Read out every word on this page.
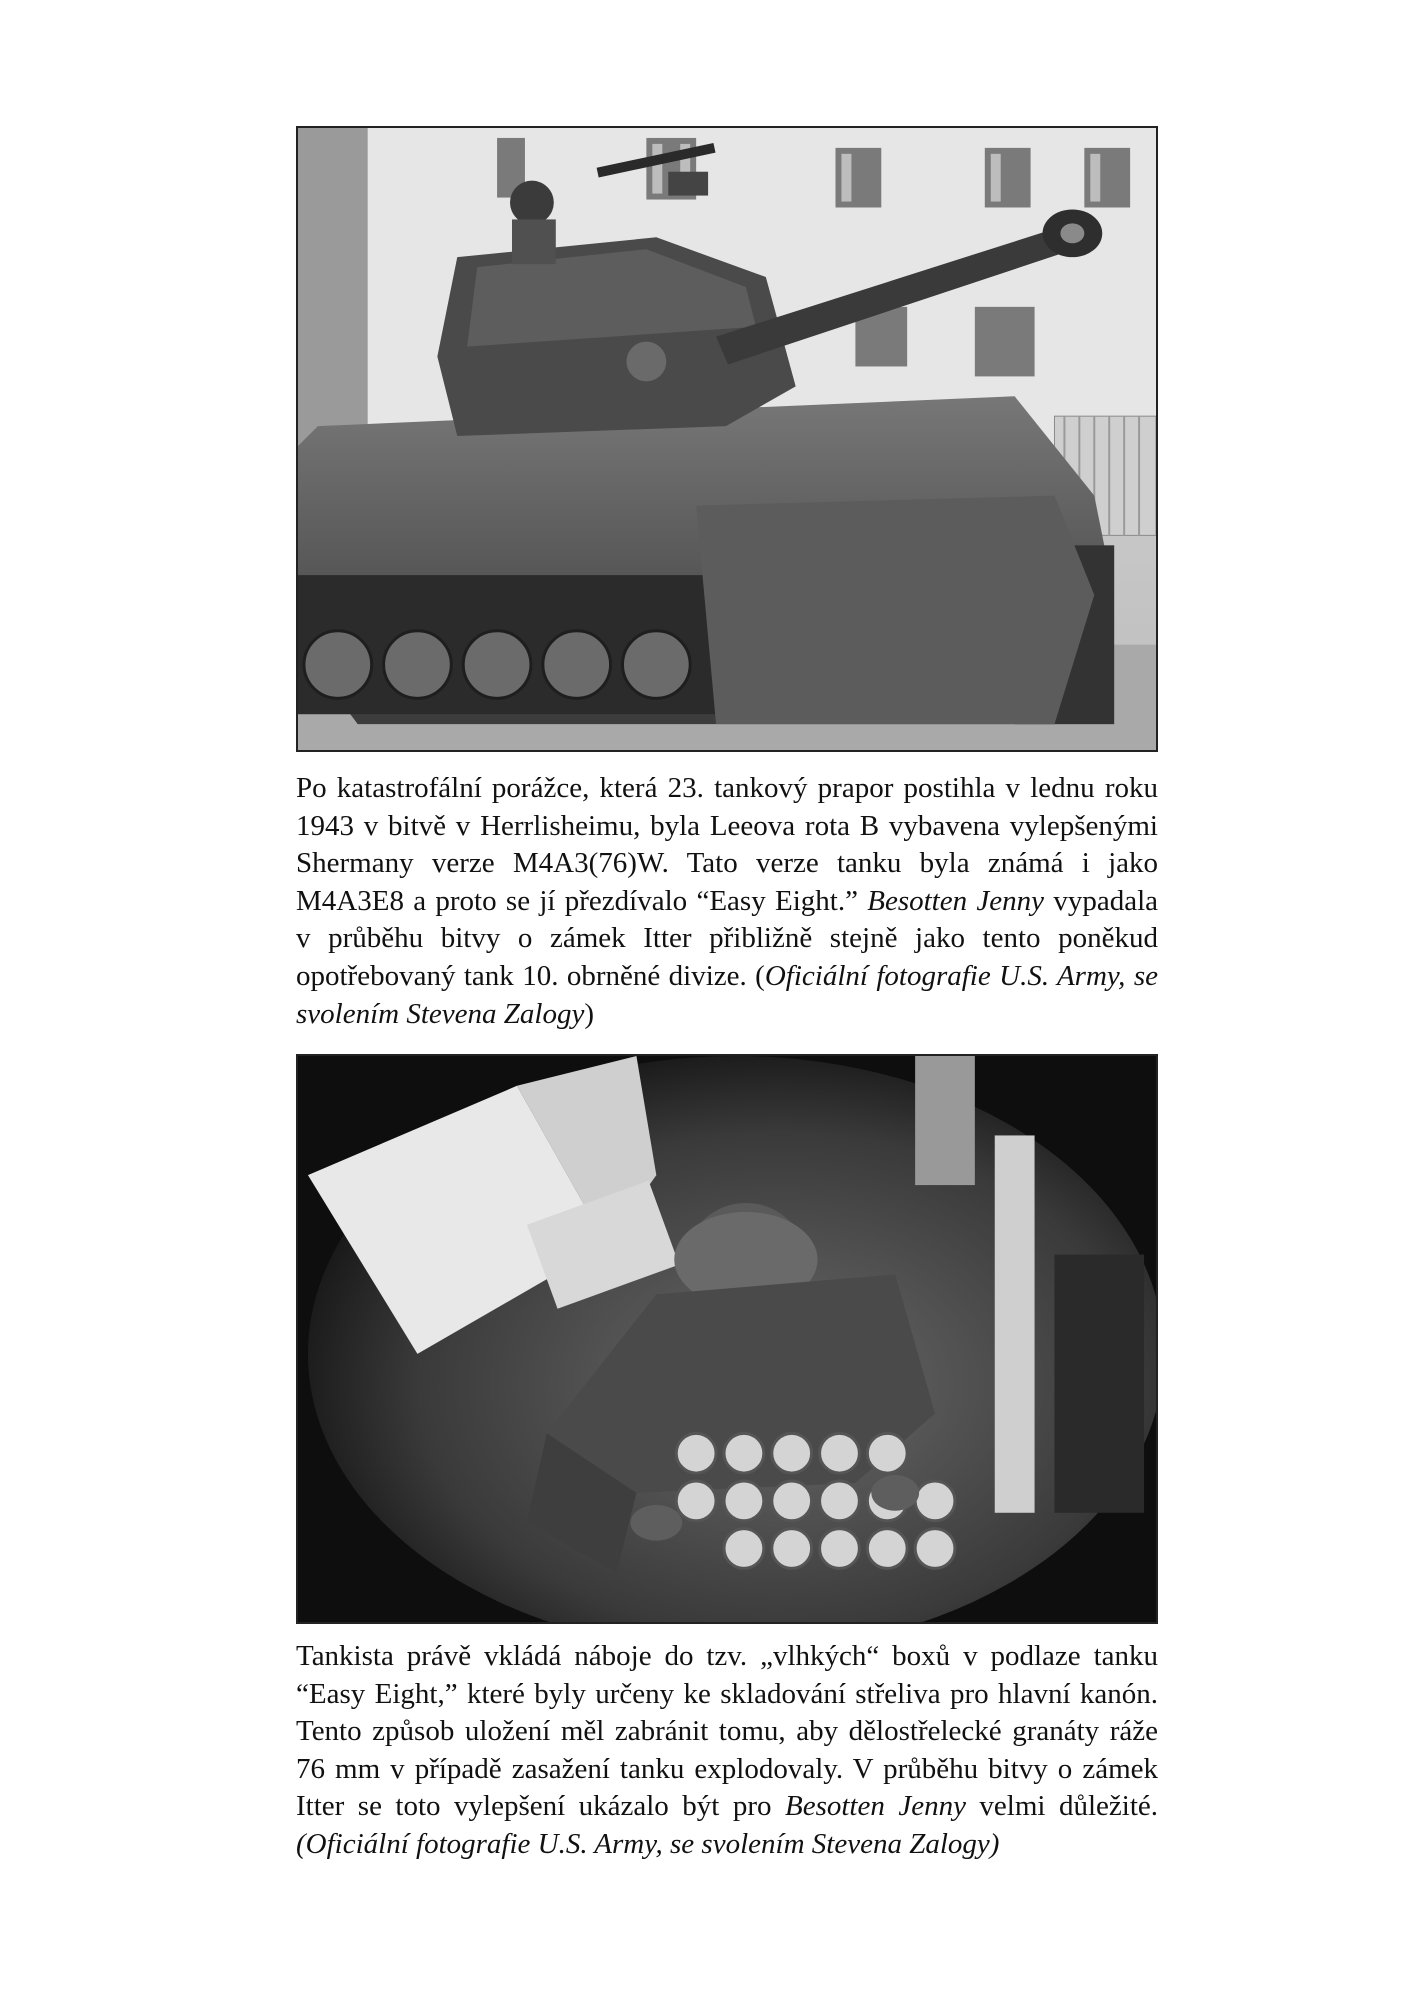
Po katastrofální porážce, která 23. tankový prapor postihla v lednu roku 1943 v bitvě v Herrlisheimu, byla Leeova rota B vybavena vylepšenými Shermany verze M4A3(76)W. Tato verze tanku byla známá i jako M4A3E8 a proto se jí přezdívalo “Easy Eight.” Besotten Jenny vypadala v průběhu bitvy o zámek Itter přibližně stejně jako tento poněkud opotřebovaný tank 10. obrněné divize. (Oficiální fotografie U.S. Army, se svolením Stevena Zalogy)

Tankista právě vkládá náboje do tzv. „vlhkých“ boxů v podlaze tanku “Easy Eight,” které byly určeny ke skladování střeliva pro hlavní kanón. Tento způsob uložení měl zabránit tomu, aby dělostřelecké granáty ráže 76 mm v případě zasažení tanku explodovaly. V průběhu bitvy o zámek Itter se toto vylepšení ukázalo být pro Besotten Jenny velmi důležité. (Oficiální fotografie U.S. Army, se svolením Stevena Zalogy)
